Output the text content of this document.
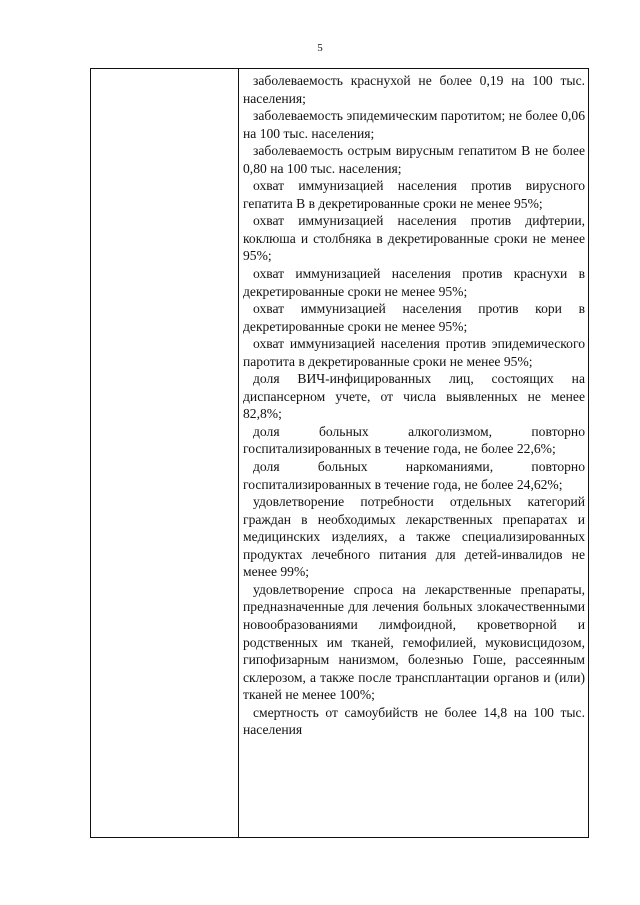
5

заболеваемость краснухой не более 0,19 на 100 тыс. населения;

заболеваемость эпидемическим паротитом; не более 0,06 на 100 тыс. населения;

заболеваемость острым вирусным гепатитом В не более 0,80 на 100 тыс. населения;

охват иммунизацией населения против вирусного гепатита В в декретированные сроки не менее 95%;

охват иммунизацией населения против дифтерии, коклюша и столбняка в декретированные сроки не менее 95%;

охват иммунизацией населения против краснухи в декретированные сроки не менее 95%;

охват иммунизацией населения против кори в декретированные сроки не менее 95%;

охват иммунизацией населения против эпидемического паротита в декретированные сроки не менее 95%;

доля ВИЧ-инфицированных лиц, состоящих на диспансерном учете, от числа выявленных не менее 82,8%;

доля больных алкоголизмом, повторно госпитализированных в течение года, не более 22,6%;

доля больных наркоманиями, повторно госпитализированных в течение года, не более 24,62%;

удовлетворение потребности отдельных категорий граждан в необходимых лекарственных препаратах и медицинских изделиях, а также специализированных продуктах лечебного питания для детей-инвалидов не менее 99%;

удовлетворение спроса на лекарственные препараты, предназначенные для лечения больных злокачественными новообразованиями лимфоидной, кроветворной и родственных им тканей, гемофилией, муковисцидозом, гипофизарным нанизмом, болезнью Гоше, рассеянным склерозом, а также после трансплантации органов и (или) тканей не менее 100%;

смертность от самоубийств не более 14,8 на 100 тыс. населения
